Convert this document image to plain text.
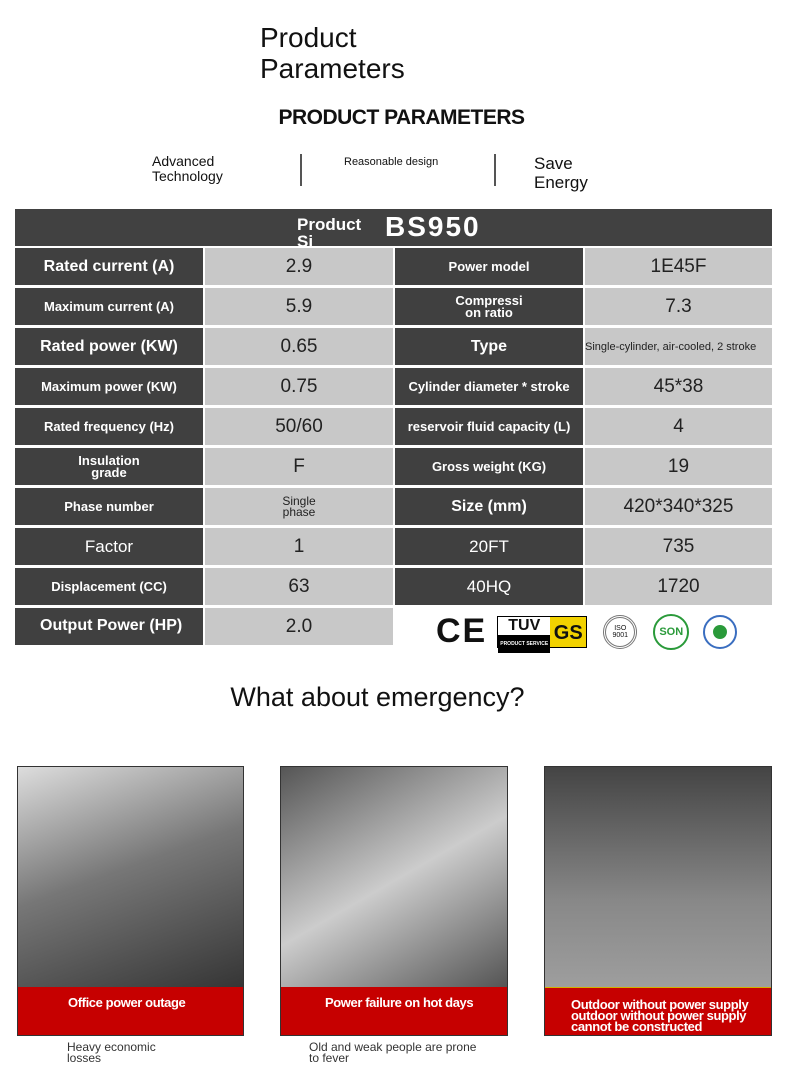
Product Parameters
PRODUCT PARAMETERS
Advanced Technology
Reasonable design	Save Energy
Product Si	BS950
Rated current (A)	2.9	Power model	1E45F
Maximum current (A)	5.9	Compressi on ratio	7.3
Rated power (KW)	0.65	Type	Single-cylinder, air-cooled, 2 stroke
Maximum power (KW)	0.75	Cylinder diameter * stroke	45*38
Rated frequency (Hz)	50/60	reservoir fluid capacity (L)	4
Insulation grade	F	Gross weight (KG)	19
Phase number	Single phase	Size (mm)	420*340*325
Factor	1	20FT	735
Displacement (CC)	63	40HQ	1720
Output Power (HP)	2.0	CE	TUV
PRODUCT SERVICE GS	ISO 9001	SON
What about emergency?
Office power outage	Power failure on hot days	Outdoor without power supply outdoor without power supply cannot be constructed
Heavy economic losses
Old and weak people are prone to fever
